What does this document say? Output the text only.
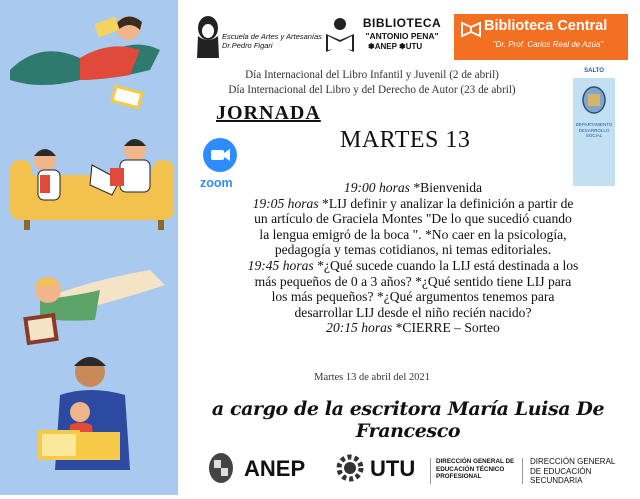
Escuela de Artes y Artesanías Dr.Pedro Figari
BIBLIOTECA
"ANTONIO PENA"
✽ANEP ✽UTU
Biblioteca Central
"Dr. Prof. Carlos Real de Azúa"
Día Internacional del Libro Infantil y Juvenil (2 de abril)
Día Internacional del Libro y del Derecho de Autor (23 de abril)
SALTO
DEPARTAMENTO DESARROLLO SOCIAL
JORNADA
MARTES 13
zoom	19:00 horas *Bienvenida
19:05 horas *LIJ definir y analizar la definición a partir de
un artículo de Graciela Montes "De lo que sucedió cuando
la lengua emigró de la boca ". *No caer en la psicología,
pedagogía y temas cotidianos, ni temas editoriales.
19:45 horas *¿Qué sucede cuando la LIJ está destinada a los
más pequeños de 0 a 3 años? *¿Qué sentido tiene LIJ para
los más pequeños? *¿Qué argumentos tenemos para
desarrollar LIJ desde el niño recién nacido?
20:15 horas *CIERRE – Sorteo
Martes 13 de abril del 2021
a cargo de la escritora María Luisa De Francesco
ANEP	UTU	DIRECCIÓN GENERAL DE EDUCACIÓN TÉCNICO PROFESIONAL
DIRECCIÓN GENERAL DE EDUCACIÓN SECUNDARIA
